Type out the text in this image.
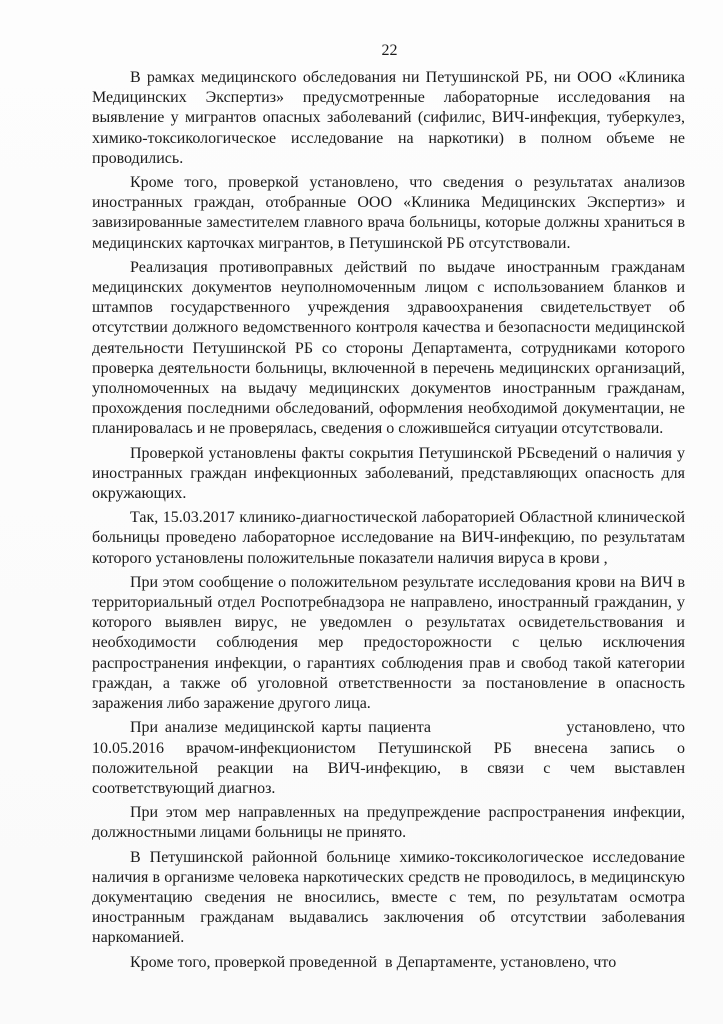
22

В рамках медицинского обследования ни Петушинской РБ, ни ООО «Клиника Медицинских Экспертиз» предусмотренные лабораторные исследования на выявление у мигрантов опасных заболеваний (сифилис, ВИЧ-инфекция, туберкулез, химико-токсикологическое исследование на наркотики) в полном объеме не проводились.

Кроме того, проверкой установлено, что сведения о результатах анализов иностранных граждан, отобранные ООО «Клиника Медицинских Экспертиз» и завизированные заместителем главного врача больницы, которые должны храниться в медицинских карточках мигрантов, в Петушинской РБ отсутствовали.

Реализация противоправных действий по выдаче иностранным гражданам медицинских документов неуполномоченным лицом с использованием бланков и штампов государственного учреждения здравоохранения свидетельствует об отсутствии должного ведомственного контроля качества и безопасности медицинской деятельности Петушинской РБ со стороны Департамента, сотрудниками которого проверка деятельности больницы, включенной в перечень медицинских организаций, уполномоченных на выдачу медицинских документов иностранным гражданам, прохождения последними обследований, оформления необходимой документации, не планировалась и не проверялась, сведения о сложившейся ситуации отсутствовали.

Проверкой установлены факты сокрытия Петушинской РБсведений о наличия у иностранных граждан инфекционных заболеваний, представляющих опасность для окружающих.

Так, 15.03.2017 клинико-диагностической лабораторией Областной клинической больницы проведено лабораторное исследование на ВИЧ-инфекцию, по результатам которого установлены положительные показатели наличия вируса в крови ,

При этом сообщение о положительном результате исследования крови на ВИЧ в территориальный отдел Роспотребнадзора не направлено, иностранный гражданин, у которого выявлен вирус, не уведомлен о результатах освидетельствования и необходимости соблюдения мер предосторожности с целью исключения распространения инфекции, о гарантиях соблюдения прав и свобод такой категории граждан, а также об уголовной ответственности за постановление в опасность заражения либо заражение другого лица.

При анализе медицинской карты пациента                    установлено, что 10.05.2016 врачом-инфекционистом Петушинской РБ внесена запись о положительной реакции на ВИЧ-инфекцию, в связи с чем выставлен соответствующий диагноз.

При этом мер направленных на предупреждение распространения инфекции, должностными лицами больницы не принято.

В Петушинской районной больнице химико-токсикологическое исследование наличия в организме человека наркотических средств не проводилось, в медицинскую документацию сведения не вносились, вместе с тем, по результатам осмотра иностранным гражданам выдавались заключения об отсутствии заболевания наркоманией.

Кроме того, проверкой проведенной  в Департаменте, установлено, что
